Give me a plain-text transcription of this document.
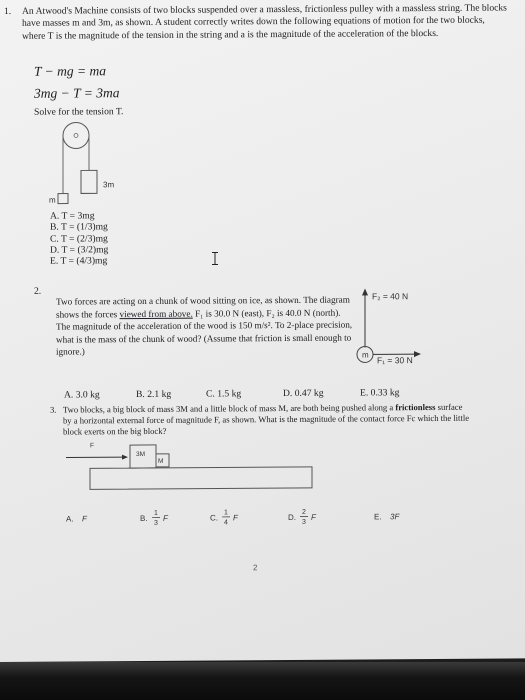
1. An Atwood's Machine consists of two blocks suspended over a massless, frictionless pulley with a massless string. The blocks have masses m and 3m, as shown. A student correctly writes down the following equations of motion for the two blocks, where T is the magnitude of the tension in the string and a is the magnitude of the acceleration of the blocks.
T − mg = ma
3mg − T = 3ma
Solve for the tension T.
m
3m
A. T = 3mg
B. T = (1/3)mg
C. T = (2/3)mg
D. T = (3/2)mg
E. T = (4/3)mg
2.
Two forces are acting on a chunk of wood sitting on ice, as shown. The diagram shows the forces viewed from above. F₁ is 30.0 N (east), F₂ is 40.0 N (north). The magnitude of the acceleration of the wood is 150 m/s². To 2-place precision, what is the mass of the chunk of wood? (Assume that friction is small enough to ignore.)
F₂ = 40 N
m
F₁ = 30 N
A. 3.0 kg	B. 2.1 kg	C. 1.5 kg	D. 0.47 kg	E. 0.33 kg
3. Two blocks, a big block of mass 3M and a little block of mass M, are both being pushed along a frictionless surface by a horizontal external force of magnitude F, as shown. What is the magnitude of the contact force Fc which the little block exerts on the big block?
F
3M
M
A. F	B.
1
3
F	C.
1
4
F	D.
2
3
F	E. 3F
2
